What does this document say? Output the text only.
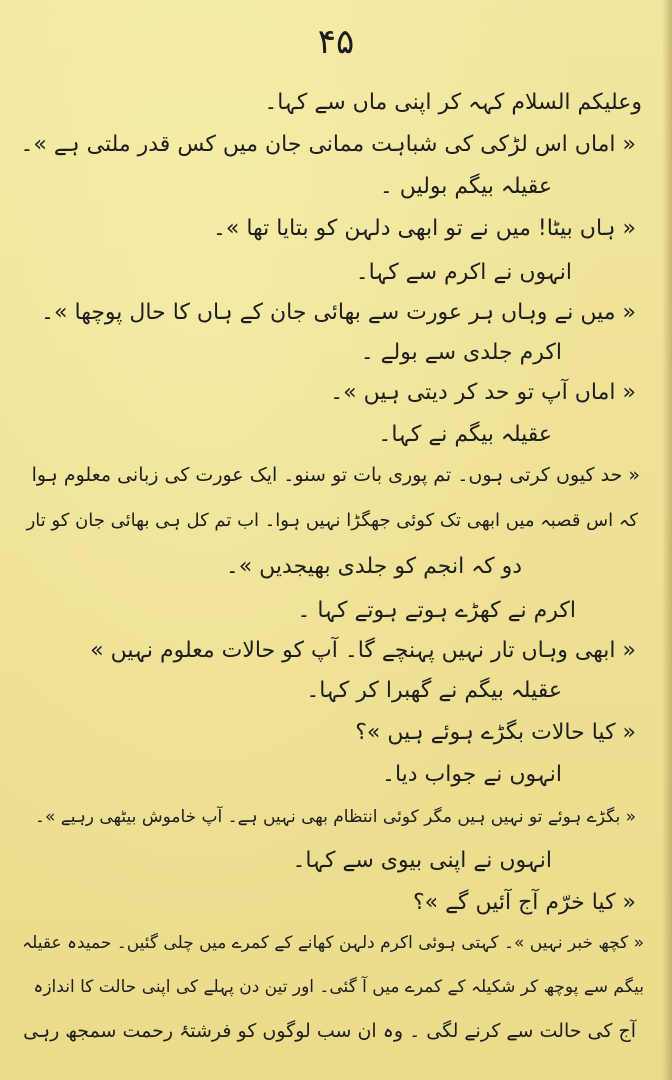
۴۵
وعلیکم السلام کہہ کر اپنی ماں سے کہا۔
« اماں اس لڑکی کی شباہت ممانی جان میں کس قدر ملتی ہے »۔
عقیلہ بیگم بولیں ۔
« ہاں بیٹا! میں نے تو ابھی دلہن کو بتایا تھا »۔
انہوں نے اکرم سے کہا۔
« میں نے وہاں ہر عورت سے بھائی جان کے ہاں کا حال پوچھا »۔
اکرم جلدی سے بولے ۔
« اماں آپ تو حد کر دیتی ہیں »۔
عقیلہ بیگم نے کہا۔
« حد کیوں کرتی ہوں۔ تم پوری بات تو سنو۔ ایک عورت کی زبانی معلوم ہوا
کہ اس قصبہ میں ابھی تک کوئی جھگڑا نہیں ہوا۔ اب تم کل ہی بھائی جان کو تار
دو کہ انجم کو جلدی بھیجدیں »۔
اکرم نے کھڑے ہوتے ہوتے کہا ۔
« ابھی وہاں تار نہیں پہنچے گا۔ آپ کو حالات معلوم نہیں »
عقیلہ بیگم نے گھبرا کر کہا۔
« کیا حالات بگڑے ہوئے ہیں »؟
انہوں نے جواب دیا۔
« بگڑے ہوئے تو نہیں ہیں مگر کوئی انتظام بھی نہیں ہے۔ آپ خاموش بیٹھی رہیے »۔
انہوں نے اپنی بیوی سے کہا۔
« کیا خرّم آج آئیں گے »؟
« کچھ خبر نہیں »۔ کہتی ہوئی اکرم دلہن کھانے کے کمرے میں چلی گئیں۔ حمیدہ عقیلہ
بیگم سے پوچھ کر شکیلہ کے کمرے میں آ گئی۔ اور تین دن پہلے کی اپنی حالت کا اندازہ
آج کی حالت سے کرنے لگی ۔ وہ ان سب لوگوں کو فرشتۂ رحمت سمجھ رہی
